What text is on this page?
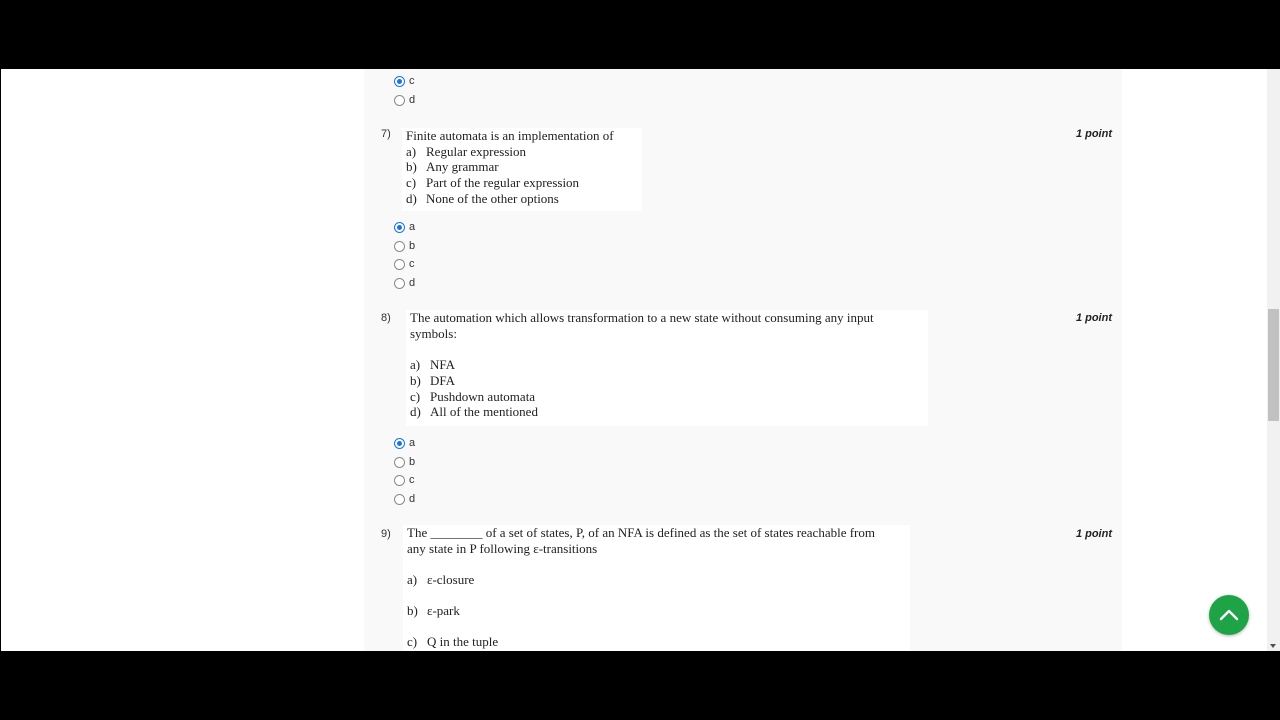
c
d
7)	1 point
Finite automata is an implementation of
a) Regular expression
b) Any grammar
c) Part of the regular expression
d) None of the other options
a
b
c
d
8)	1 point
The automation which allows transformation to a new state without consuming any input
symbols:
a) NFA
b) DFA
c) Pushdown automata
d) All of the mentioned
a
b
c
d
9)	1 point
The ________ of a set of states, P, of an NFA is defined as the set of states reachable from
any state in P following ε-transitions
a) ε-closure
b) ε-park
c) Q in the tuple
